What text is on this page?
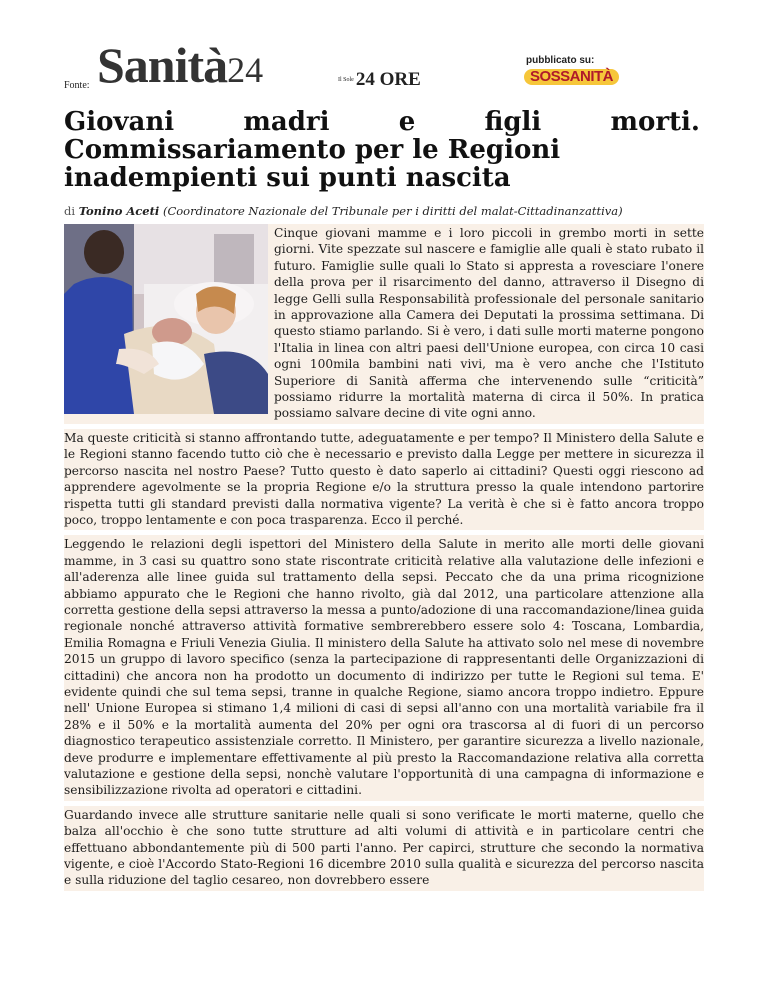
Fonte: Sanità24	$^{Il Sole}$ 24 ORE
pubblicato su:
SOSSANITÀ
Giovani madri e figli morti. Commissariamento per le Regioni
inadempienti sui punti nascita
di Tonino Aceti (Coordinatore Nazionale del Tribunale per i diritti del malat-Cittadinanzattiva)

Cinque giovani mamme e i loro piccoli in grembo morti in sette giorni. Vite spezzate sul nascere e famiglie alle quali è stato rubato il futuro. Famiglie sulle quali lo Stato si appresta a rovesciare l'onere della prova per il risarcimento del danno, attraverso il Disegno di legge Gelli sulla Responsabilità professionale del personale sanitario in approvazione alla Camera dei Deputati la prossima settimana. Di questo stiamo parlando. Si è vero, i dati sulle morti materne pongono l'Italia in linea con altri paesi dell'Unione europea, con circa 10 casi ogni 100mila bambini nati vivi, ma è vero anche che l'Istituto Superiore di Sanità afferma che intervenendo sulle “criticità” possiamo ridurre la mortalità materna di circa il 50%. In pratica possiamo salvare decine di vite ogni anno.

Ma queste criticità si stanno affrontando tutte, adeguatamente e per tempo? Il Ministero della Salute e le Regioni stanno facendo tutto ciò che è necessario e previsto dalla Legge per mettere in sicurezza il percorso nascita nel nostro Paese? Tutto questo è dato saperlo ai cittadini? Questi oggi riescono ad apprendere agevolmente se la propria Regione e/o la struttura presso la quale intendono partorire rispetta tutti gli standard previsti dalla normativa vigente? La verità è che si è fatto ancora troppo poco, troppo lentamente e con poca trasparenza. Ecco il perché.

Leggendo le relazioni degli ispettori del Ministero della Salute in merito alle morti delle giovani mamme, in 3 casi su quattro sono state riscontrate criticità relative alla valutazione delle infezioni e all'aderenza alle linee guida sul trattamento della sepsi. Peccato che da una prima ricognizione abbiamo appurato che le Regioni che hanno rivolto, già dal 2012, una particolare attenzione alla corretta gestione della sepsi attraverso la messa a punto/adozione di una raccomandazione/linea guida regionale nonché attraverso attività formative sembrerebbero essere solo 4: Toscana, Lombardia, Emilia Romagna e Friuli Venezia Giulia. Il ministero della Salute ha attivato solo nel mese di novembre 2015 un gruppo di lavoro specifico (senza la partecipazione di rappresentanti delle Organizzazioni di cittadini) che ancora non ha prodotto un documento di indirizzo per tutte le Regioni sul tema. E' evidente quindi che sul tema sepsi, tranne in qualche Regione, siamo ancora troppo indietro. Eppure nell' Unione Europea si stimano 1,4 milioni di casi di sepsi all'anno con una mortalità variabile fra il 28% e il 50% e la mortalità aumenta del 20% per ogni ora trascorsa al di fuori di un percorso diagnostico terapeutico assistenziale corretto. Il Ministero, per garantire sicurezza a livello nazionale, deve produrre e implementare effettivamente al più presto la Raccomandazione relativa alla corretta valutazione e gestione della sepsi, nonchè valutare l'opportunità di una campagna di informazione e sensibilizzazione rivolta ad operatori e cittadini.

Guardando invece alle strutture sanitarie nelle quali si sono verificate le morti materne, quello che balza all'occhio è che sono tutte strutture ad alti volumi di attività e in particolare centri che effettuano abbondantemente più di 500 parti l'anno. Per capirci, strutture che secondo la normativa vigente, e cioè l'Accordo Stato-Regioni 16 dicembre 2010 sulla qualità e sicurezza del percorso nascita e sulla riduzione del taglio cesareo, non dovrebbero essere
